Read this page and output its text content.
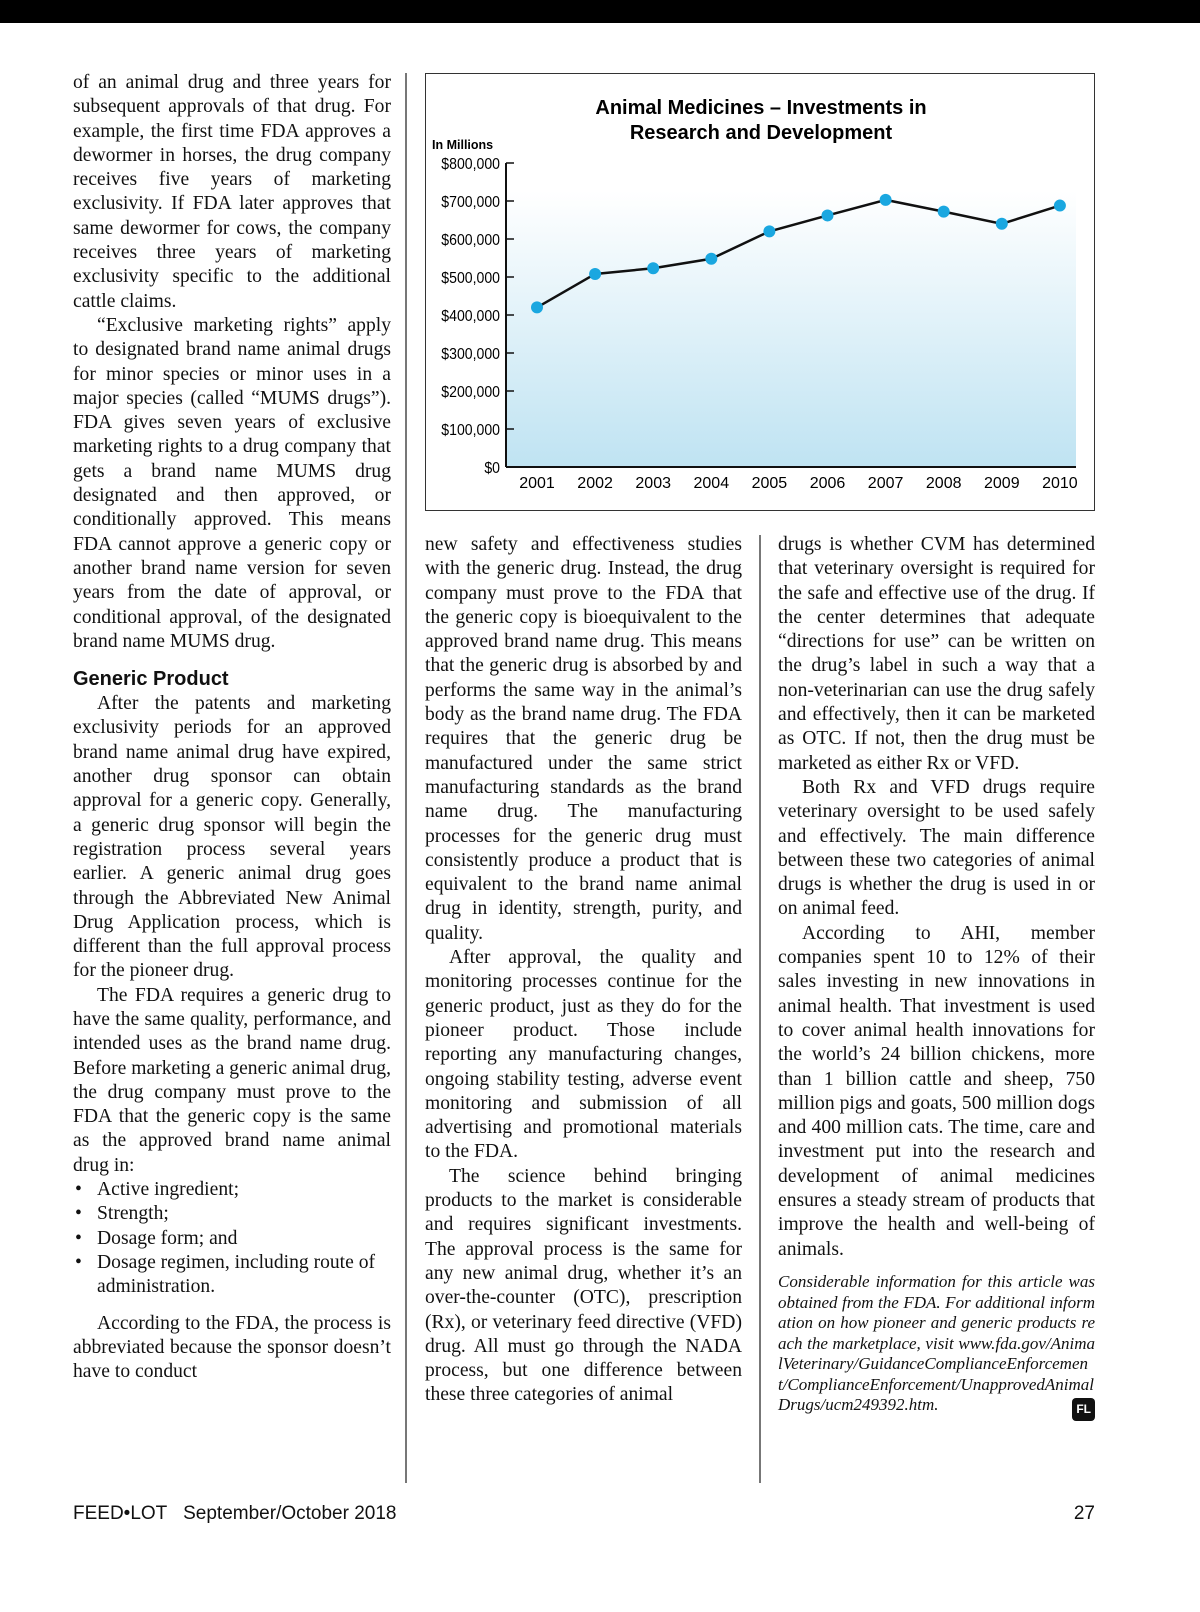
of an animal drug and three years for subsequent approvals of that drug. For example, the first time FDA approves a dewormer in horses, the drug company receives five years of marketing exclusivity. If FDA later approves that same dewormer for cows, the company receives three years of marketing exclusivity specific to the additional cattle claims.

“Exclusive marketing rights” apply to designated brand name animal drugs for minor species or minor uses in a major species (called “MUMS drugs”). FDA gives seven years of exclusive marketing rights to a drug company that gets a brand name MUMS drug designated and then approved, or conditionally approved. This means FDA cannot approve a generic copy or another brand name version for seven years from the date of approval, or conditional approval, of the designated brand name MUMS drug.

Generic Product

After the patents and marketing exclusivity periods for an approved brand name animal drug have expired, another drug sponsor can obtain approval for a generic copy. Generally, a generic drug sponsor will begin the registration process several years earlier. A generic animal drug goes through the Abbreviated New Animal Drug Application process, which is different than the full approval process for the pioneer drug.

The FDA requires a generic drug to have the same quality, performance, and intended uses as the brand name drug. Before marketing a generic animal drug, the drug company must prove to the FDA that the generic copy is the same as the approved brand name animal drug in:

• Active ingredient;
• Strength;
• Dosage form; and
• Dosage regimen, including route of administration.

According to the FDA, the process is abbreviated because the sponsor doesn’t have to conduct

Animal Medicines – Investments in
Research and Development
In Millions
$0
$100,000
$200,000
$300,000
$400,000
$500,000
$600,000
$700,000
$800,000
2001 2002 2003 2004 2005 2006 2007 2008 2009 2010

new safety and effectiveness studies with the generic drug. Instead, the drug company must prove to the FDA that the generic copy is bioequivalent to the approved brand name drug. This means that the generic drug is absorbed by and performs the same way in the animal’s body as the brand name drug. The FDA requires that the generic drug be manufactured under the same strict manufacturing standards as the brand name drug. The manufacturing processes for the generic drug must consistently produce a product that is equivalent to the brand name animal drug in identity, strength, purity, and quality.

After approval, the quality and monitoring processes continue for the generic product, just as they do for the pioneer product. Those include reporting any manufacturing changes, ongoing stability testing, adverse event monitoring and submission of all advertising and promotional materials to the FDA.

The science behind bringing products to the market is considerable and requires significant investments. The approval process is the same for any new animal drug, whether it’s an over-the-counter (OTC), prescription (Rx), or veterinary feed directive (VFD) drug. All must go through the NADA process, but one difference between these three categories of animal

drugs is whether CVM has determined that veterinary oversight is required for the safe and effective use of the drug. If the center determines that adequate “directions for use” can be written on the drug’s label in such a way that a non-veterinarian can use the drug safely and effectively, then it can be marketed as OTC. If not, then the drug must be marketed as either Rx or VFD.

Both Rx and VFD drugs require veterinary oversight to be used safely and effectively. The main difference between these two categories of animal drugs is whether the drug is used in or on animal feed.

According to AHI, member companies spent 10 to 12% of their sales investing in new innovations in animal health. That investment is used to cover animal health innovations for the world’s 24 billion chickens, more than 1 billion cattle and sheep, 750 million pigs and goats, 500 million dogs and 400 million cats. The time, care and investment put into the research and development of animal medicines ensures a steady stream of products that improve the health and well-being of animals.

Considerable information for this article was obtained from the FDA. For additional information on how pioneer and generic products reach the marketplace, visit www.fda.gov/AnimalVeterinary/GuidanceComplianceEnforcement/ComplianceEnforcement/UnapprovedAnimalDrugs/ucm249392.htm.	FL
FEED•LOT September/October 2018	27
